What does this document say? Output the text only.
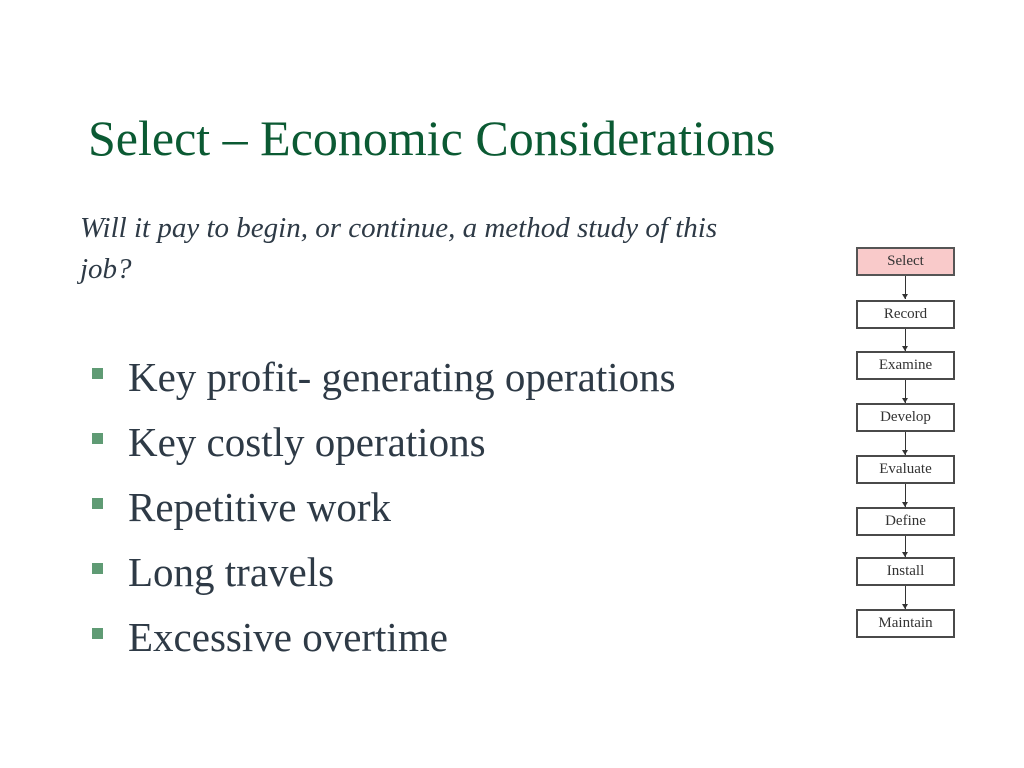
Select – Economic Considerations

Will it pay to begin, or continue, a method study of this job?

Key profit- generating operations
Key costly operations
Repetitive work
Long travels
Excessive overtime
Select
Record
Examine
Develop
Evaluate
Define
Install
Maintain
